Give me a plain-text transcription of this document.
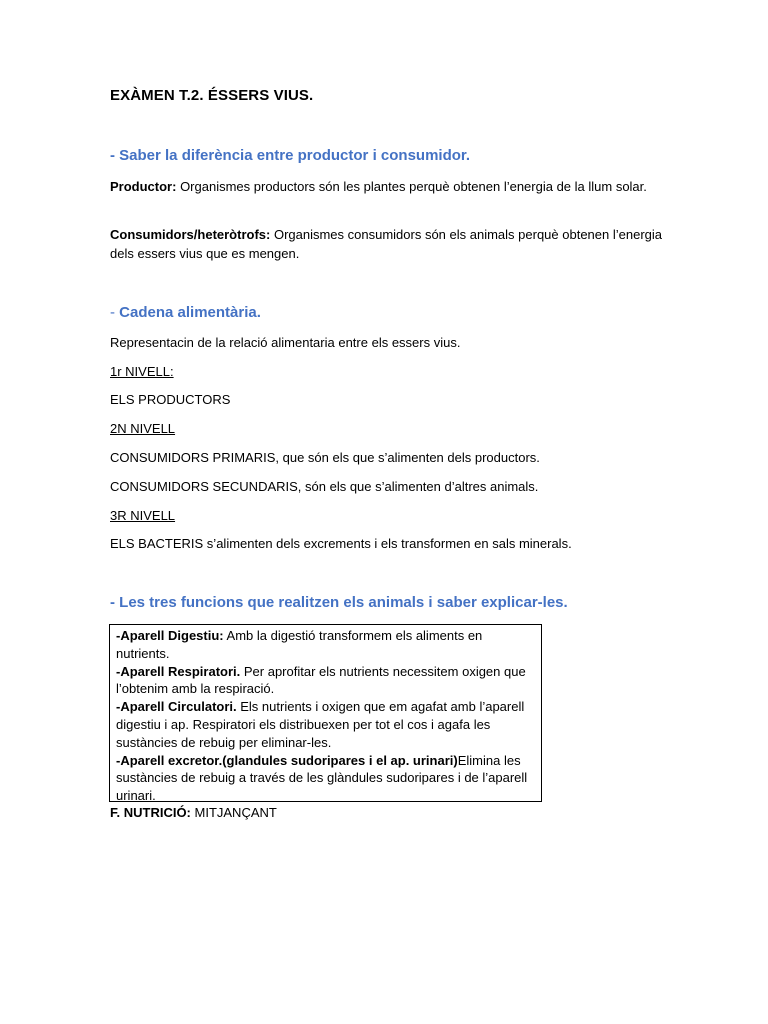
EXÀMEN T.2. ÉSSERS VIUS.
- Saber la diferència entre productor i consumidor.
Productor: Organismes productors són les plantes perquè obtenen l’energia de la llum solar.
Consumidors/heteròtrofs: Organismes consumidors són els animals perquè obtenen l’energia dels essers vius que es mengen.
- Cadena alimentària.
Representacin de la relació alimentaria entre els essers vius.
1r NIVELL:
ELS PRODUCTORS
2N NIVELL
CONSUMIDORS PRIMARIS, que són els que s’alimenten dels productors.
CONSUMIDORS SECUNDARIS, són els que s’alimenten d’altres animals.
3R NIVELL
ELS BACTERIS s’alimenten dels excrements i els transformen en sals minerals.
- Les tres funcions que realitzen els animals i saber explicar-les.

-Aparell Digestiu: Amb la digestió transformem els aliments en nutrients.

-Aparell Respiratori. Per aprofitar els nutrients necessitem oxigen que l’obtenim amb la respiració.

-Aparell Circulatori. Els nutrients i oxigen que em agafat amb l’aparell digestiu i ap. Respiratori els distribuexen per tot el cos i agafa les sustàncies de rebuig per eliminar-les.

-Aparell excretor.(glandules sudoripares i el ap. urinari)Elimina les sustàncies de rebuig a través de les glàndules sudoripares i de l’aparell urinari.

F. NUTRICIÓ: MITJANÇANT
